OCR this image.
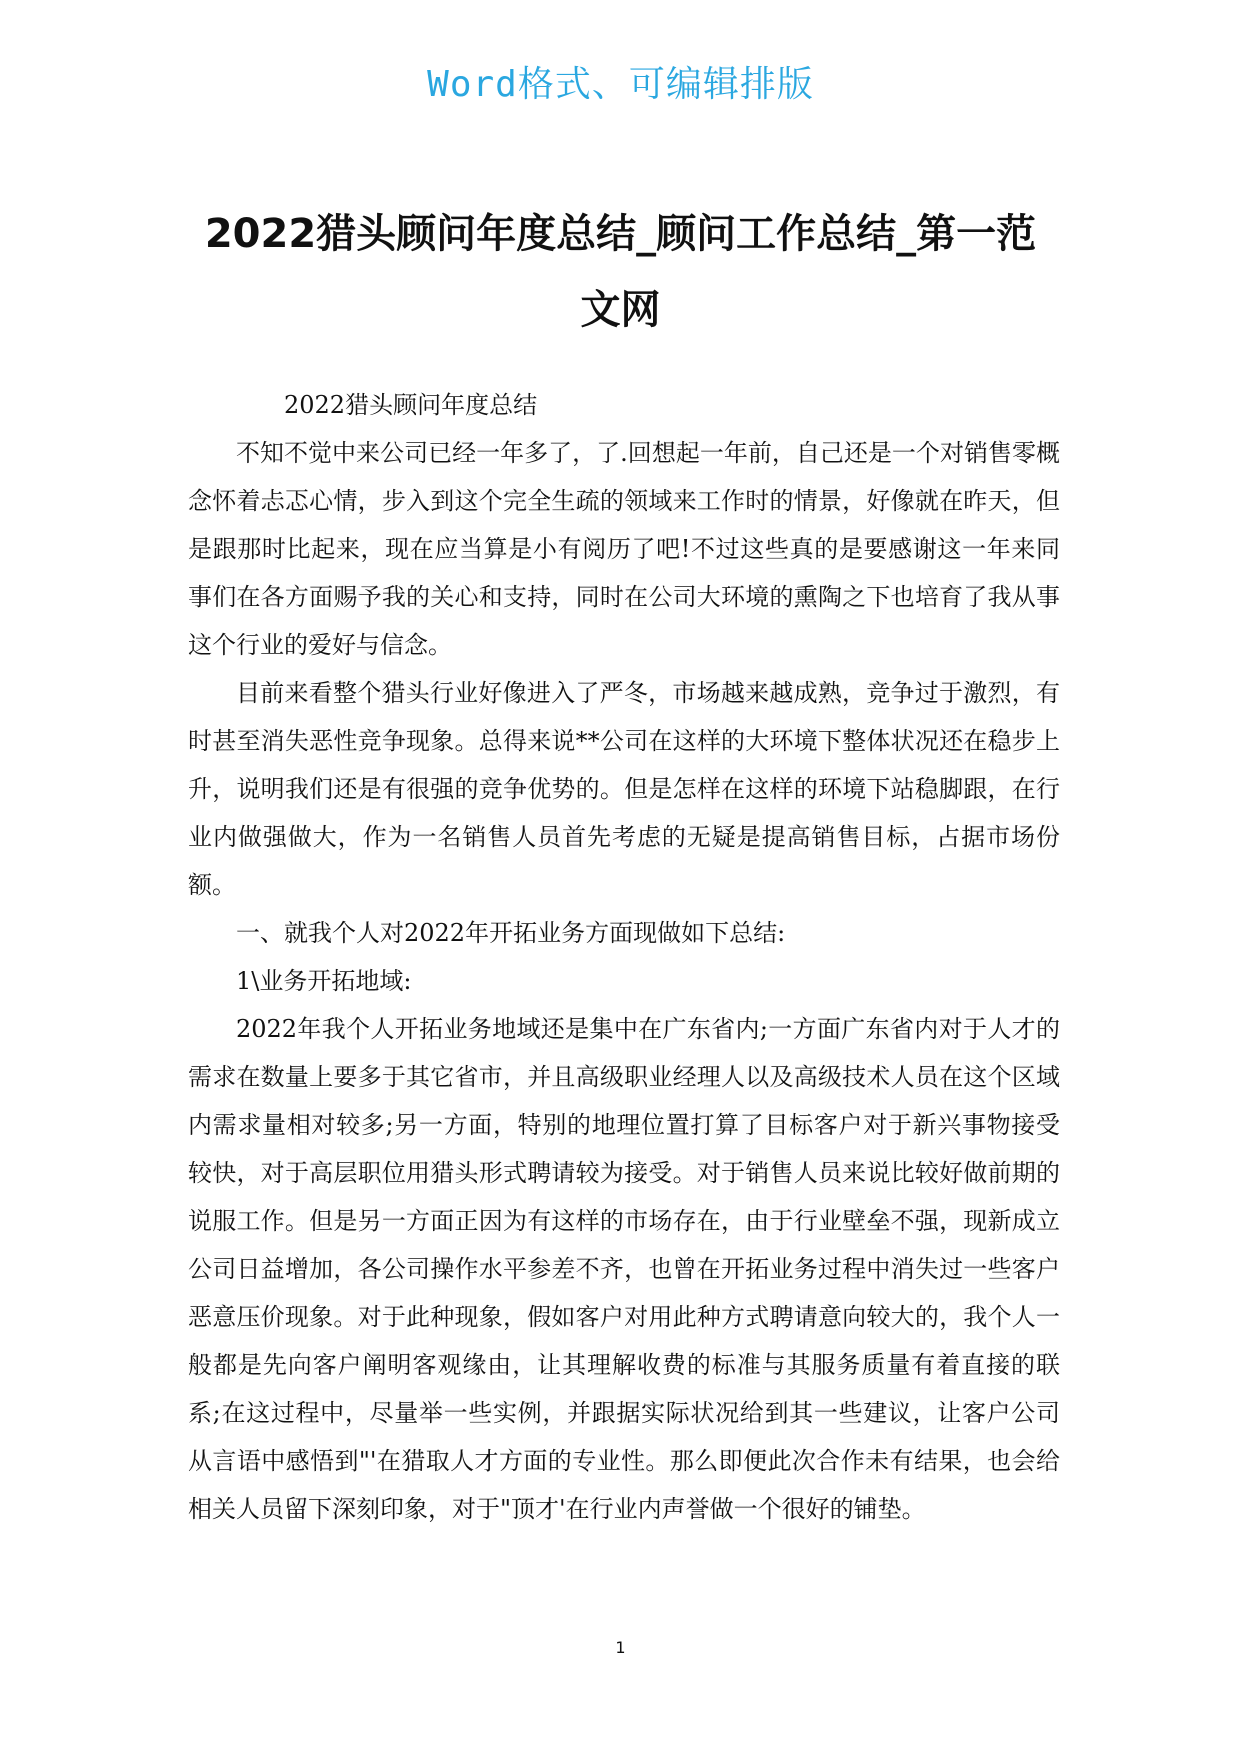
Word格式、可编辑排版
2022猎头顾问年度总结_顾问工作总结_第一范文网

2022猎头顾问年度总结

不知不觉中来公司已经一年多了，了.回想起一年前，自己还是一个对销售零概念怀着忐忑心情，步入到这个完全生疏的领域来工作时的情景，好像就在昨天，但是跟那时比起来，现在应当算是小有阅历了吧!不过这些真的是要感谢这一年来同事们在各方面赐予我的关心和支持，同时在公司大环境的熏陶之下也培育了我从事这个行业的爱好与信念。

目前来看整个猎头行业好像进入了严冬，市场越来越成熟，竞争过于激烈，有时甚至消失恶性竞争现象。总得来说**公司在这样的大环境下整体状况还在稳步上升，说明我们还是有很强的竞争优势的。但是怎样在这样的环境下站稳脚跟，在行业内做强做大，作为一名销售人员首先考虑的无疑是提高销售目标，占据市场份额。

一、就我个人对2022年开拓业务方面现做如下总结:

1\业务开拓地域:

2022年我个人开拓业务地域还是集中在广东省内;一方面广东省内对于人才的需求在数量上要多于其它省市，并且高级职业经理人以及高级技术人员在这个区域内需求量相对较多;另一方面，特别的地理位置打算了目标客户对于新兴事物接受较快，对于高层职位用猎头形式聘请较为接受。对于销售人员来说比较好做前期的说服工作。但是另一方面正因为有这样的市场存在，由于行业壁垒不强，现新成立公司日益增加，各公司操作水平参差不齐，也曾在开拓业务过程中消失过一些客户恶意压价现象。对于此种现象，假如客户对用此种方式聘请意向较大的，我个人一般都是先向客户阐明客观缘由，让其理解收费的标准与其服务质量有着直接的联系;在这过程中，尽量举一些实例，并跟据实际状况给到其一些建议，让客户公司从言语中感悟到"'在猎取人才方面的专业性。那么即便此次合作未有结果，也会给相关人员留下深刻印象，对于"顶才'在行业内声誉做一个很好的铺垫。

1
